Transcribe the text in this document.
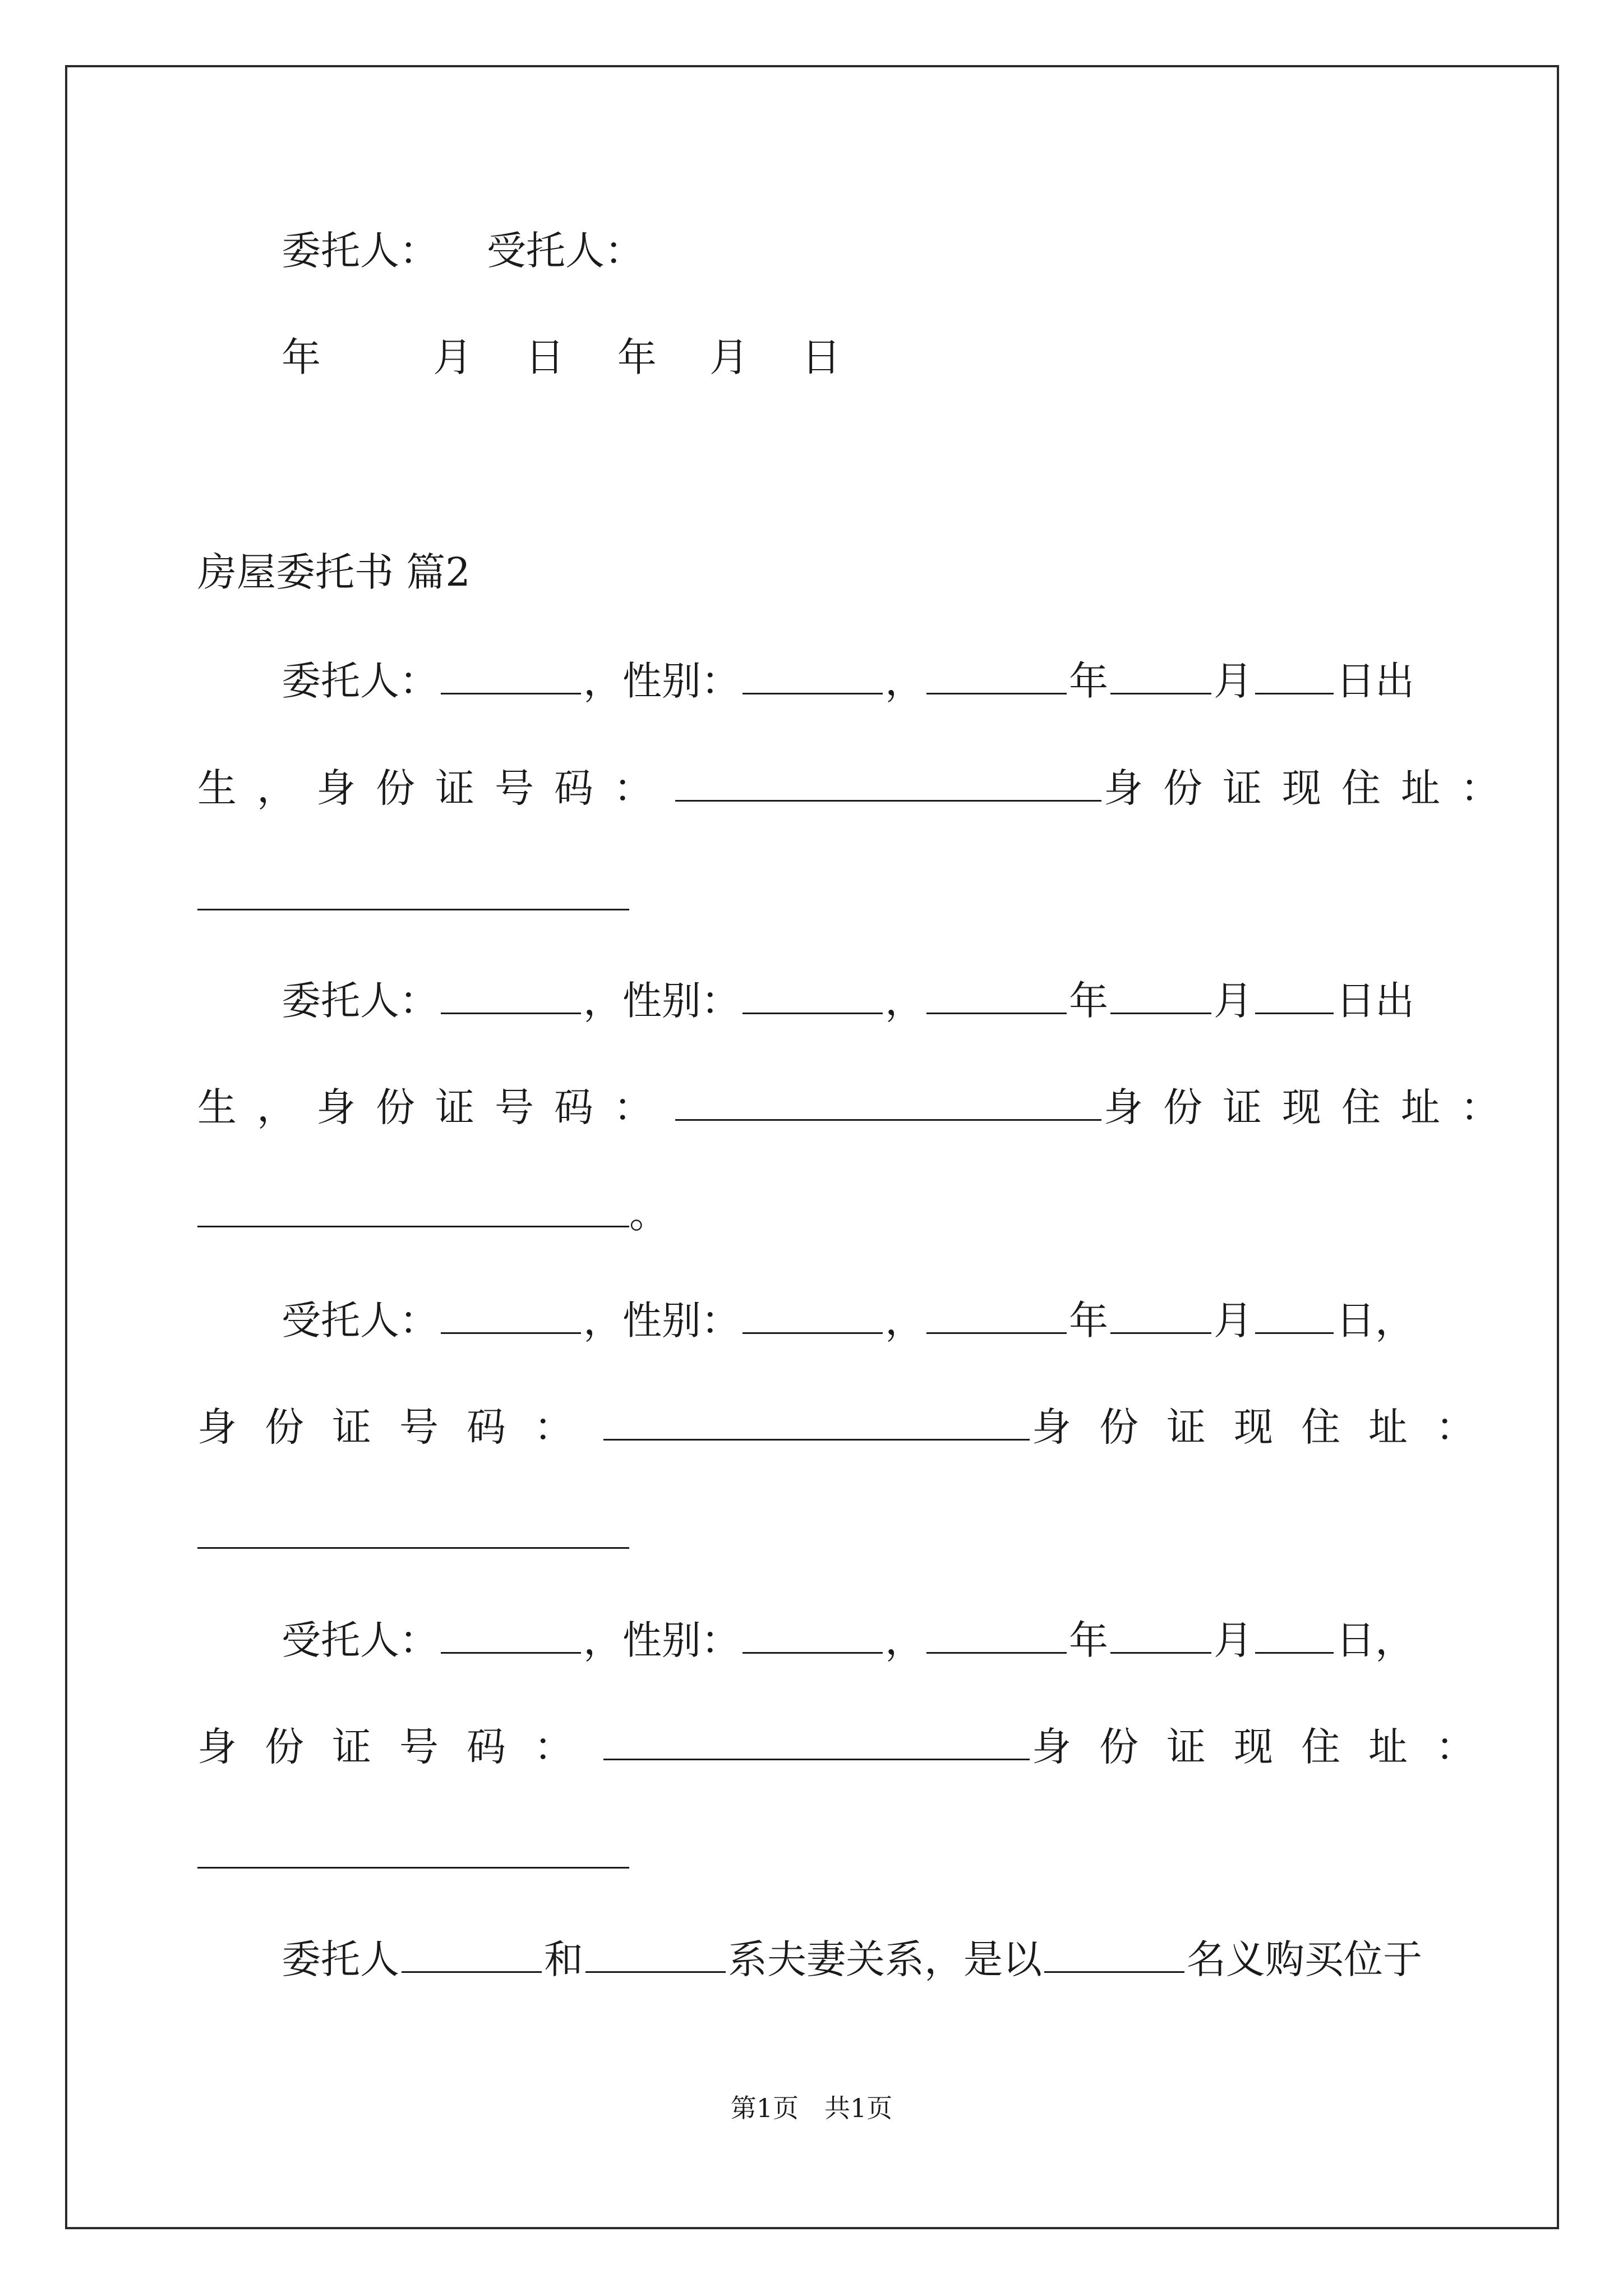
委托人： 受托人：
年　 月 日 年 月 日
房屋委托书 篇2
委托人：	，性别：	，	年	月 日出
生，身份证号码：	身份证现住址：
委托人：	，性别：	，	年	月 日出
生，身份证号码：	身份证现住址：
。
受托人：	，性别：	，	年	月 日，
身份证号码：	身份证现住址：
受托人：	，性别：	，	年	月 日，
身份证号码：	身份证现住址：
委托人	和	系夫妻关系，是以	名义购买位于
第1页　共1页
